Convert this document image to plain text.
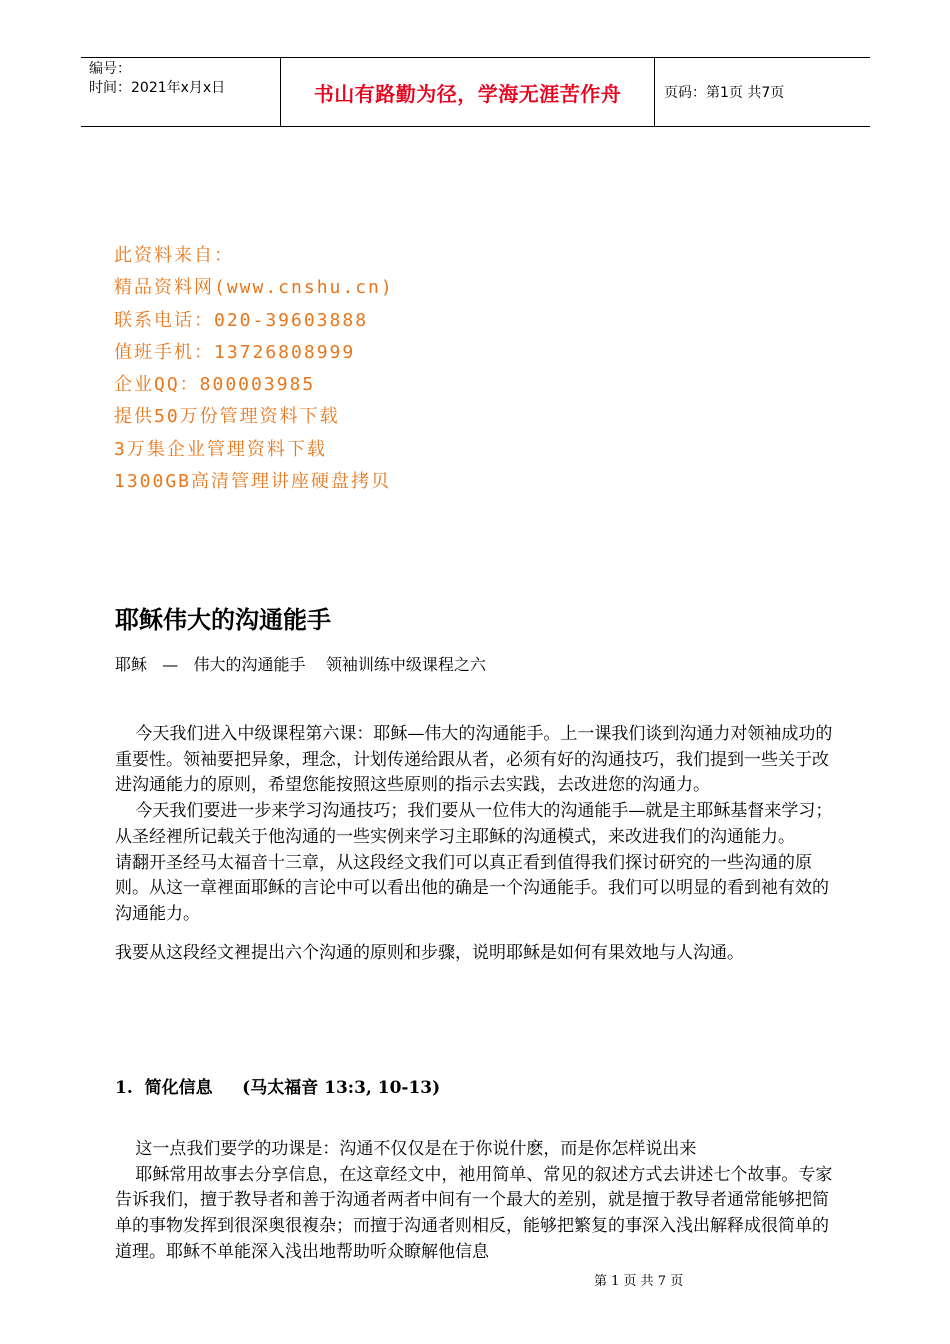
编号：
时间：2021年x月x日	书山有路勤为径，学海无涯苦作舟	页码：第1页 共7页
此资料来自：
精品资料网(www.cnshu.cn)
联系电话：020-39603888
值班手机：13726808999
企业QQ：800003985
提供50万份管理资料下载
3万集企业管理资料下载
1300GB高清管理讲座硬盘拷贝
耶稣伟大的沟通能手
耶稣   —   伟大的沟通能手    领袖训练中级课程之六
今天我们进入中级课程第六课：耶稣—伟大的沟通能手。上一课我们谈到沟通力对领袖成功的重要性。领袖要把异象，理念，计划传递给跟从者，必须有好的沟通技巧，我们提到一些关于改进沟通能力的原则，希望您能按照这些原则的指示去实践，去改进您的沟通力。
今天我们要进一步来学习沟通技巧；我们要从一位伟大的沟通能手—就是主耶稣基督来学习；从圣经裡所记载关于他沟通的一些实例来学习主耶稣的沟通模式，来改进我们的沟通能力。
请翻开圣经马太福音十三章，从这段经文我们可以真正看到值得我们探讨研究的一些沟通的原则。从这一章裡面耶稣的言论中可以看出他的确是一个沟通能手。我们可以明显的看到祂有效的沟通能力。
我要从这段经文裡提出六个沟通的原则和步骤，说明耶稣是如何有果效地与人沟通。
1.  简化信息     (马太福音 13:3, 10-13)
这一点我们要学的功课是：沟通不仅仅是在于你说什麽，而是你怎样说出来
耶稣常用故事去分享信息，在这章经文中，祂用简单、常见的叙述方式去讲述七个故事。专家告诉我们，擅于教导者和善于沟通者两者中间有一个最大的差别，就是擅于教导者通常能够把简单的事物发挥到很深奥很複杂；而擅于沟通者则相反，能够把繁复的事深入浅出解释成很简单的道理。耶稣不单能深入浅出地帮助听众瞭解他信息
第 1 页 共 7 页
